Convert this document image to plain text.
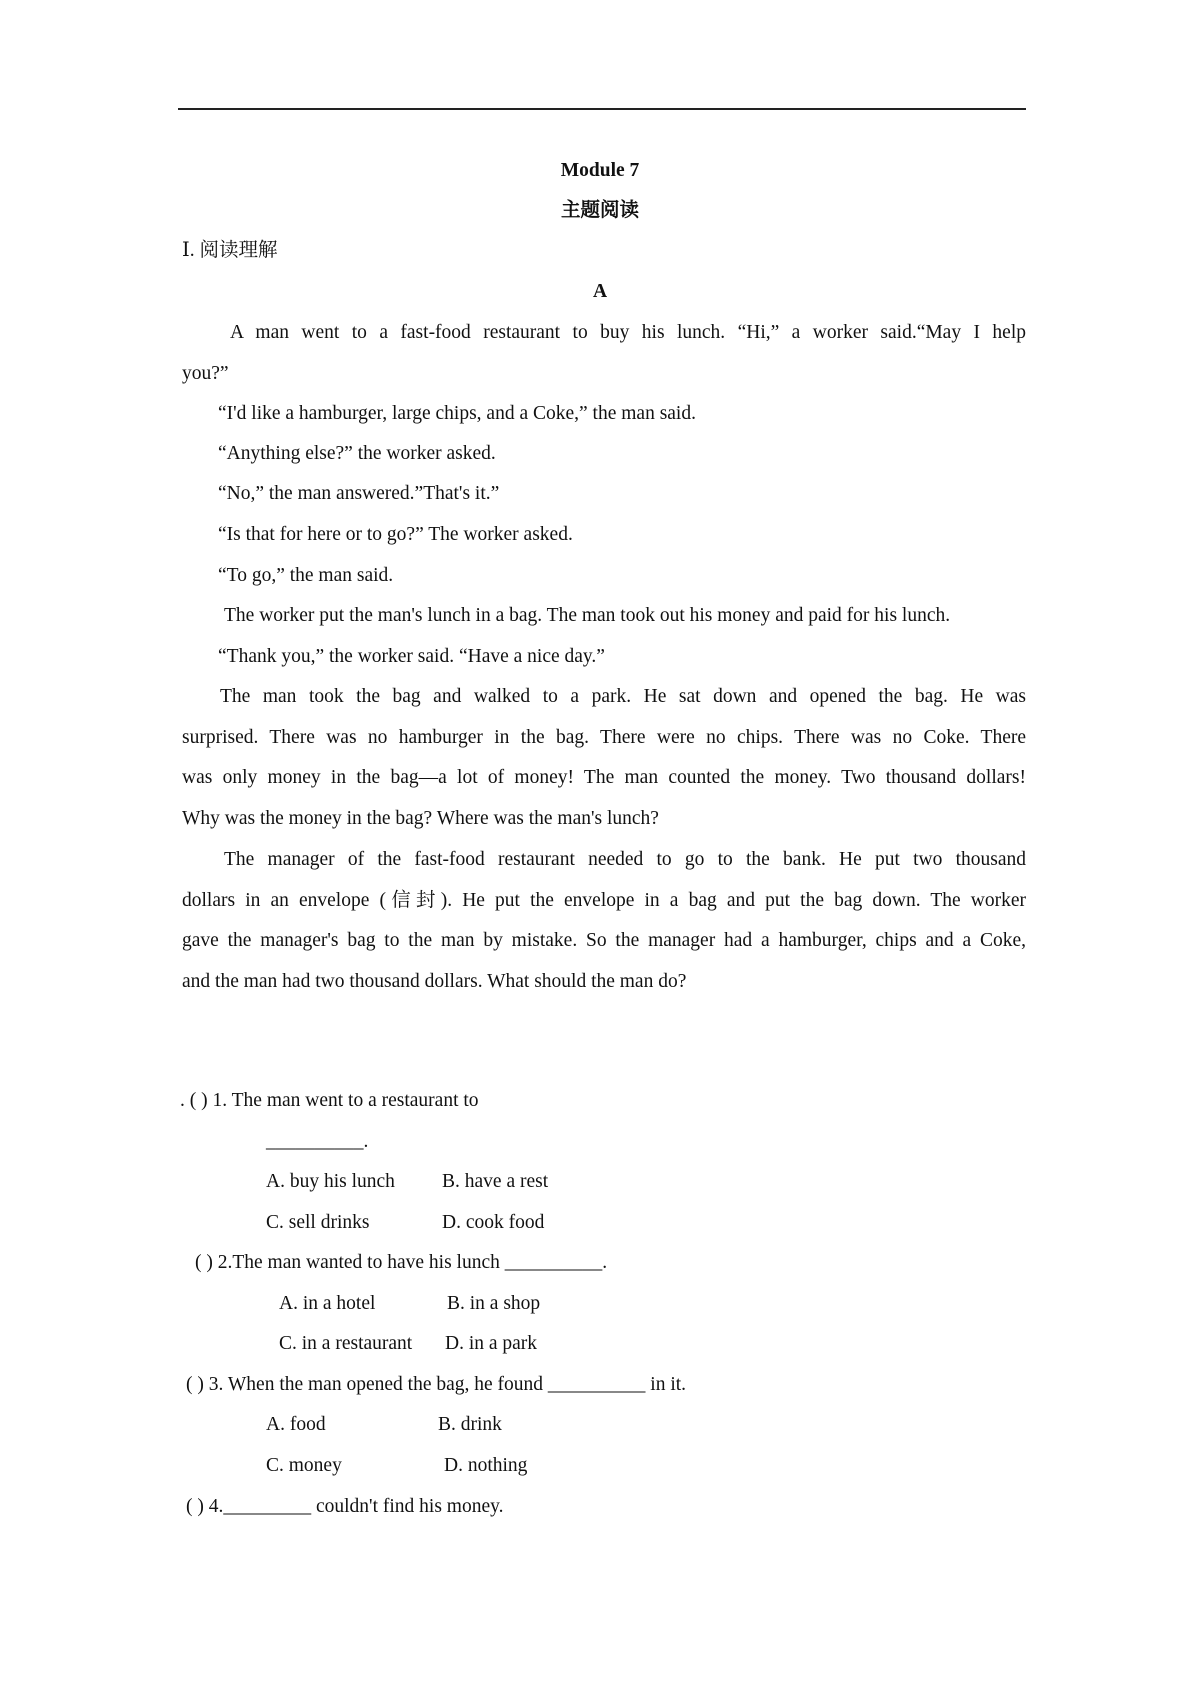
Module 7
主题阅读
Ⅰ. 阅读理解
A
A man went to a fast-food restaurant to buy his lunch. “Hi,” a worker said.“May I help
you?”
“I'd like a hamburger, large chips, and a Coke,” the man said.
“Anything else?” the worker asked.
“No,” the man answered.”That's it.”
“Is that for here or to go?” The worker asked.
“To go,” the man said.
The worker put the man's lunch in a bag. The man took out his money and paid for his lunch.
“Thank you,” the worker said. “Have a nice day.”
The man took the bag and walked to a park. He sat down and opened the bag. He was
surprised. There was no hamburger in the bag. There were no chips. There was no Coke. There
was only money in the bag—a lot of money! The man counted the money. Two thousand dollars!
Why was the money in the bag? Where was the man's lunch?
The manager of the fast-food restaurant needed to go to the bank. He put two thousand
dollars in an envelope (信封). He put the envelope in a bag and put the bag down. The worker
gave the manager's bag to the man by mistake. So the manager had a hamburger, chips and a Coke,
and the man had two thousand dollars. What should the man do?
. ( ) 1. The man went to a restaurant to
__________.
A. buy his lunch B. have a rest
C. sell drinks	D. cook food
( ) 2.The man wanted to have his lunch __________.
A. in a hotel	B. in a shop
C. in a restaurant D. in a park
( ) 3. When the man opened the bag, he found __________ in it.
A. food	B. drink
C. money	D. nothing
( ) 4._________ couldn't find his money.
